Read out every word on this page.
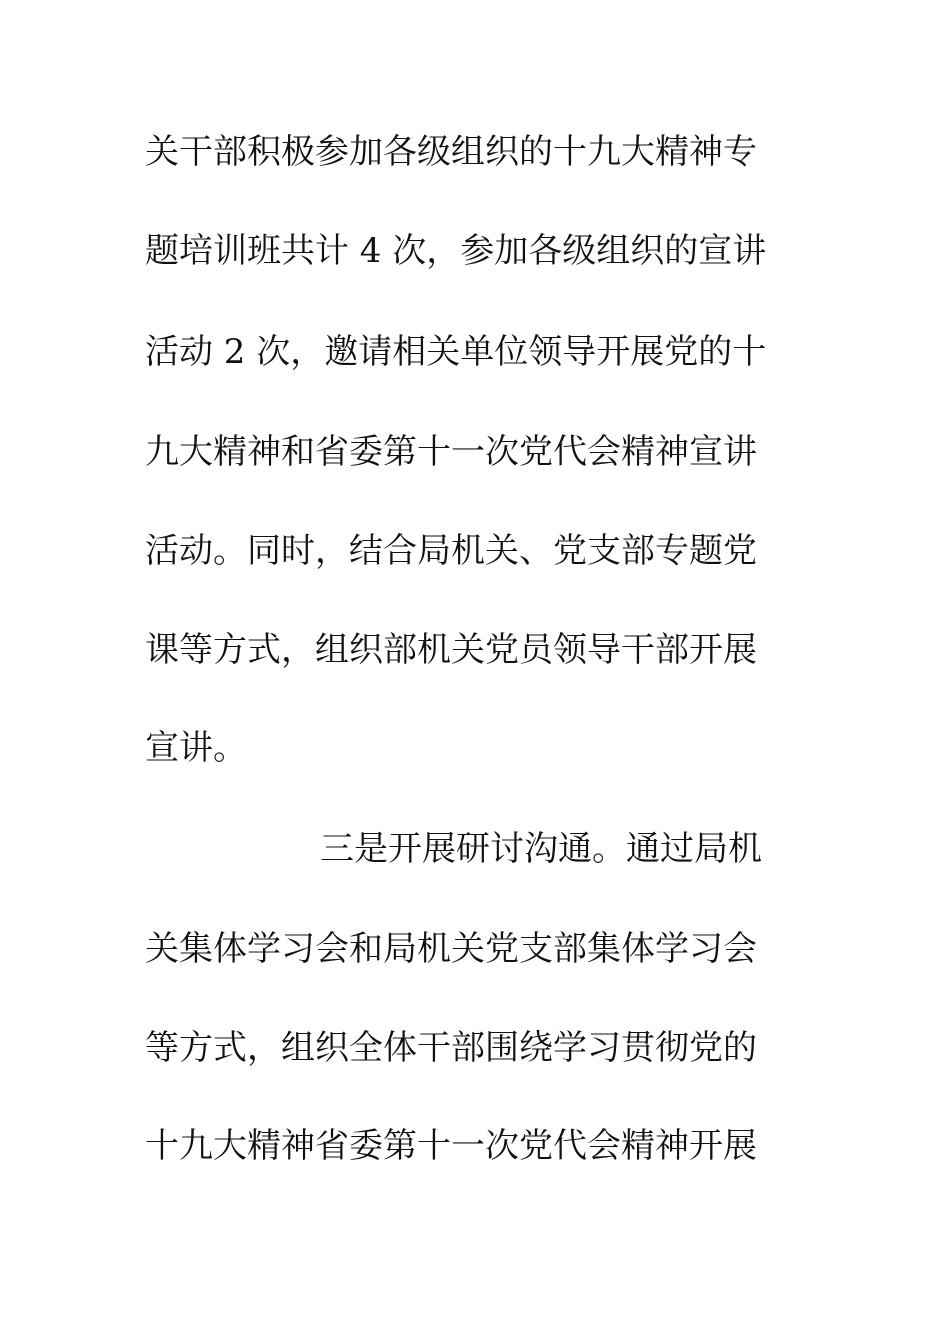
关干部积极参加各级组织的十九大精神专
题培训班共计 4 次，参加各级组织的宣讲
活动 2 次，邀请相关单位领导开展党的十
九大精神和省委第十一次党代会精神宣讲
活动。同时，结合局机关、党支部专题党
课等方式，组织部机关党员领导干部开展
宣讲。
三是开展研讨沟通。通过局机
关集体学习会和局机关党支部集体学习会
等方式，组织全体干部围绕学习贯彻党的
十九大精神省委第十一次党代会精神开展
